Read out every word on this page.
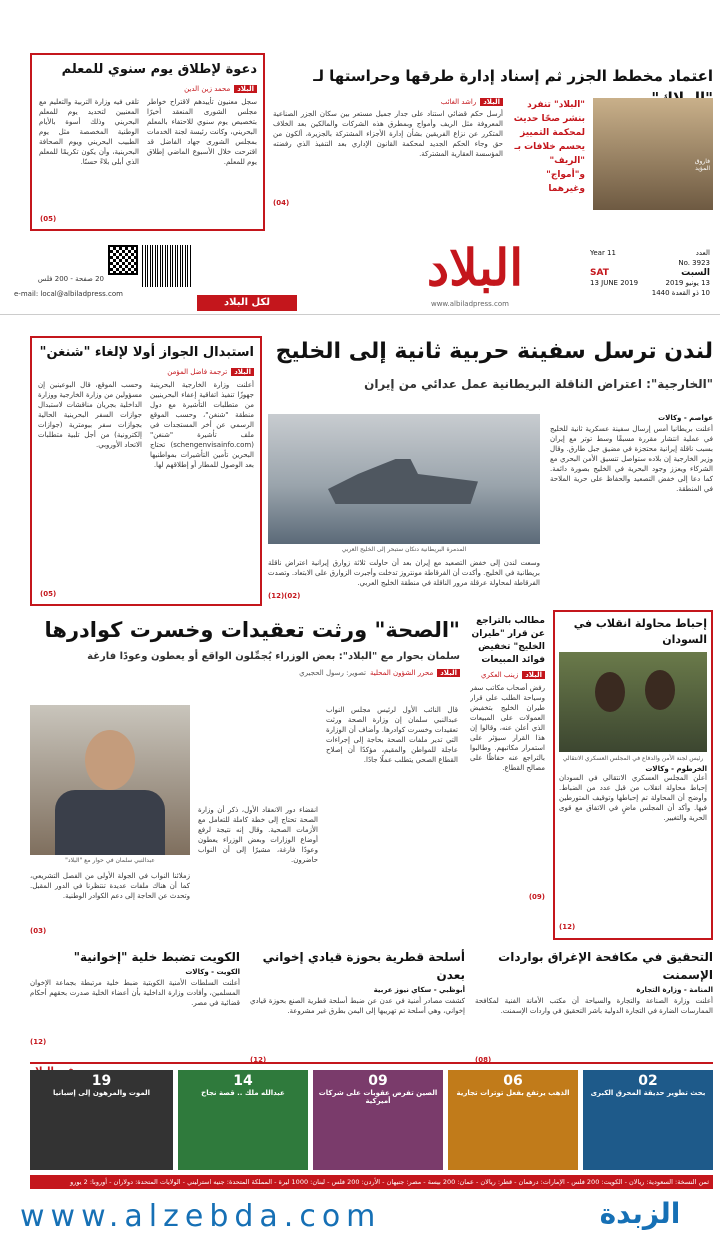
دعوة لإطلاق يوم سنوي للمعلم
البلاد
محمد زين الدين
سجل معنيون تأييدهم لاقتراح خواطر مجلس الشورى المنعقد أخيرًا بتخصيص يوم سنوي للاحتفاء بالمعلم البحريني، وكانت رئيسة لجنة الخدمات بمجلس الشورى جهاد الفاضل قد اقترحت خلال الأسبوع الماضي إطلاق يوم للمعلم.
تلقى فيه وزارة التربية والتعليم مع المعنيين لتحديد يوم للمعلم البحريني وذلك أسوة بالأيام الوطنية المخصصة مثل يوم الطبيب البحريني ويوم الصحافة البحرينية، وأن يكون تكريمًا للمعلم الذي أبلى بلاءً حسنًا.
(05)
اعتماد مخطط الجزر ثم إسناد إدارة طرقها وحراستها لـ
فاروق المؤيد
"البلاد" تنفرد بنشر صحًا حديث لمحكمة التمييز يحسم خلافات بـ "الريف" و"أمواج" وغيرهما
البلاد
راشد الغائب
أرسل حكم قضائي استناد على جدار جميل مستعر بين سكان الجزر الصناعية المعروفة مثل الريف وأمواج وبمطرق هذه الشركات والمالكين بعد الخلاف المتكرر عن نزاع الفريقين بشأن إدارة الأجزاء المشتركة بالجزيرة، ألكون من حق وجاء الحكم الجديد لمحكمة القانون الإداري بعد التنفيذ الذي رفضته المؤسسة العقارية المشتركة.
(04)
20 صفحة - 200 فلس
e-mail: local@albiladpress.com
لكل البلاد
البلاد
www.albiladpress.com
العدد
Year 11
No. 3923
السبت
SAT
13 يونيو 2019
13 JUNE 2019
10 ذو القعدة 1440
استبدال الجواز أولا لإلغاء "شنغن"
البلاد
ترجمة فاضل المؤمن
أعلنت وزارة الخارجية البحرينية جهوزًا تنفيذ اتفاقية إعفاء البحرينيين من متطلبات التأشيرة مع دول منطقة "شنغن"، وحسب الموقع الرسمي عن أخر المستجدات في ملف تأشيرة "شنغن" (schengenvisainfo.com) تحتاج البحرين تأمين التأشيرات بمواطنيها بعد الوصول للمطار أو إطلاقهم لها.
وحسب الموقع، قال البوعينين إن مسؤولين من وزارة الخارجية ووزارة الداخلية بجريان مناقشات لاستبدال جوازات السفر البحرينية الحالية بجوازات سفر بيومترية (جوازات إلكترونية) من أجل تلبية متطلبات الاتحاد الأوروبي.
(05)
لندن ترسل سفينة حربية ثانية إلى الخليج
"الخارجية": اعتراض الناقلة البريطانية عمل عدائي من إيران
عواصم - وكالات
أعلنت بريطانيا أمس إرسال سفينة عسكرية ثانية للخليج في عملية انتشار مقررة مسبقًا وسط توتر مع إيران بسبب ناقلة إيرانية محتجزة في مضيق جبل طارق. وقال وزير الخارجية إن بلاده ستواصل تنسيق الأمن البحري مع الشركاء ويعزز وجود البحرية في الخليج بصورة دائمة. كما دعا إلى خفض التصعيد والحفاظ على حرية الملاحة في المنطقة.
المدمرة البريطانية دنكان ستبحر إلى الخليج العربي
وسعت لندن إلى خفض التصعيد مع إيران بعد أن حاولت ثلاثة زوارق إيرانية اعتراض ناقلة بريطانية في الخليج. وأكدت أن الفرقاطة مونتروز تدخلت وأجبرت الزوارق على الابتعاد. وتصدت الفرقاطة لمحاولة عرقلة مرور الناقلة في منطقة الخليج العربي.
(02)(12)
"الصحة" ورثت تعقيدات وخسرت كوادرها
سلمان بحوار مع "البلاد": بعض الوزراء يُجمِّلون الواقع أو يعطون وعودًا فارغة
البلاد
محرر الشؤون المحلية
تصوير: رسول الحجيري
عبدالنبي سلمان في حوار مع "البلاد"
زملائنا النواب في الجولة الأولى من الفصل التشريعي، كما أن هناك ملفات عديدة تنتظرنا في الدور المقبل. وتحدث عن الحاجة إلى دعم الكوادر الوطنية.
انقضاء دور الانعقاد الأول، ذكر أن وزارة الصحة تحتاج إلى خطة كاملة للتعامل مع الأزمات الصحية. وقال إنه نتيجة لرفع أوضاع الوزارات وبعض الوزراء يعطون وعودًا فارغة، مشيرًا إلى أن النواب حاضرون.
قال النائب الأول لرئيس مجلس النواب عبدالنبي سلمان إن وزارة الصحة ورثت تعقيدات وخسرت كوادرها. وأضاف أن الوزارة التي تدير ملفات الصحة بحاجة إلى إجراءات عاجلة للمواطن والمقيم، مؤكدًا أن إصلاح القطاع الصحي يتطلب عملًا جادًا.
(03)
مطالب بالتراجع عن قرار "طيران الخليج" تخفيض فوائد المبيعات
البلاد
زينب العكري
رفض أصحاب مكاتب سفر وسياحة الطلب على قرار طيران الخليج بتخفيض العمولات على المبيعات الذي أعلن عنه، وقالوا إن هذا القرار سيؤثر على استمرار مكاتبهم. وطالبوا بالتراجع عنه حفاظًا على مصالح القطاع.
(09)
إحباط محاولة انقلاب في السودان
رئيس لجنة الأمن والدفاع في المجلس العسكري الانتقالي
الخرطوم - وكالات
أعلن المجلس العسكري الانتقالي في السودان إحباط محاولة انقلاب من قبل عدد من الضباط. وأوضح أن المحاولة تم إحباطها وتوقيف المتورطين فيها. وأكد أن المجلس ماضٍ في الاتفاق مع قوى الحرية والتغيير.
(12)
الكويت تضبط خلية "إخوانية"
الكويت - وكالات
أعلنت السلطات الأمنية الكويتية ضبط خلية مرتبطة بجماعة الإخوان المسلمين، وأفادت وزارة الداخلية بأن أعضاء الخلية صدرت بحقهم أحكام قضائية في مصر.
(12)
أسلحة قطرية بحوزة قيادي إخواني بعدن
أبوظبي - سكاي نيوز عربية
كشفت مصادر أمنية في عدن عن ضبط أسلحة قطرية الصنع بحوزة قيادي إخواني، وهي أسلحة تم تهريبها إلى اليمن بطرق غير مشروعة.
(12)
التحقيق في مكافحة الإغراق بواردات الإسمنت
المنامة - وزارة التجارة
أعلنت وزارة الصناعة والتجارة والسياحة أن مكتب الأمانة الفنية لمكافحة الممارسات الضارة في التجارة الدولية باشر التحقيق في واردات الإسمنت.
(08)
02
بحث تطوير حديقة المحرق الكبرى
06
الذهب يرتفع بفعل توترات تجارية
09
الصين تفرض عقوبات على شركات أميركية
14
عبدالله ملك .. قصة نجاح
19
الموت والمرهون إلى إسبانيا
ثمن النسخة: السعودية: ريالان - الكويت: 200 فلس - الإمارات: درهمان - قطر: ريالان - عمان: 200 بيسة - مصر: جنيهان - الأردن: 200 فلس - لبنان: 1000 ليرة - المملكة المتحدة: جنيه استرليني - الولايات المتحدة: دولاران - أوروبا: 2 يورو
www.alzebda.com	الزبدة
